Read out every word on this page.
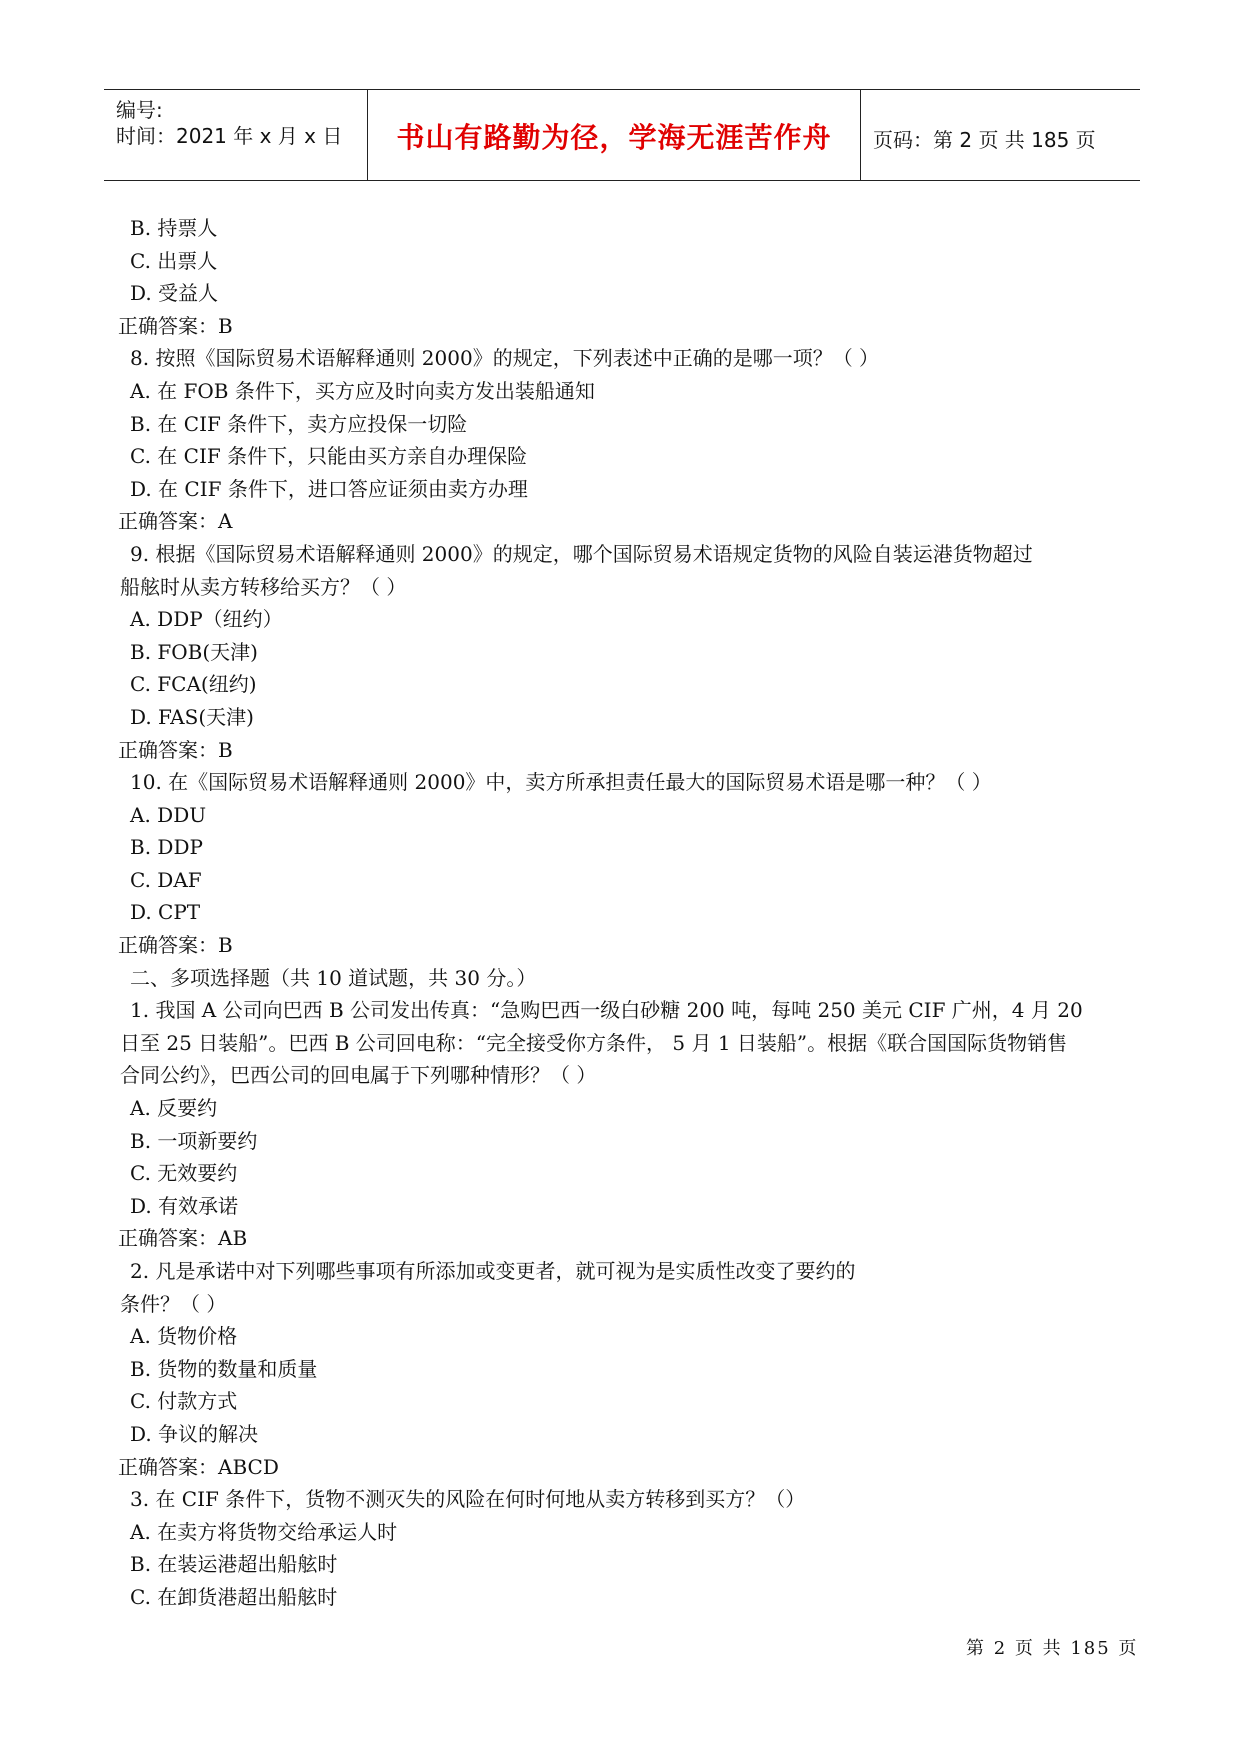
编号:
时间：2021 年 x 月 x 日	书山有路勤为径，学海无涯苦作舟	页码：第 2 页 共 185 页
B. 持票人
C. 出票人
D. 受益人
正确答案：B
8. 按照《国际贸易术语解释通则 2000》的规定，下列表述中正确的是哪一项？（ ）
A. 在 FOB 条件下，买方应及时向卖方发出装船通知
B. 在 CIF 条件下，卖方应投保一切险
C. 在 CIF 条件下，只能由买方亲自办理保险
D. 在 CIF 条件下，进口答应证须由卖方办理
正确答案：A
9. 根据《国际贸易术语解释通则 2000》的规定，哪个国际贸易术语规定货物的风险自装运港货物超过
船舷时从卖方转移给买方？（ ）
A. DDP（纽约）
B. FOB(天津)
C. FCA(纽约)
D. FAS(天津)
正确答案：B
10. 在《国际贸易术语解释通则 2000》中，卖方所承担责任最大的国际贸易术语是哪一种？（ ）
A. DDU
B. DDP
C. DAF
D. CPT
正确答案：B
二、多项选择题（共 10 道试题，共 30 分。）
1. 我国 A 公司向巴西 B 公司发出传真：“急购巴西一级白砂糖 200 吨，每吨 250 美元 CIF 广州，4 月 20
日至 25 日装船”。巴西 B 公司回电称：“完全接受你方条件， 5 月 1 日装船”。根据《联合国国际货物销售
合同公约》，巴西公司的回电属于下列哪种情形？（ ）
A. 反要约
B. 一项新要约
C. 无效要约
D. 有效承诺
正确答案：AB
2. 凡是承诺中对下列哪些事项有所添加或变更者，就可视为是实质性改变了要约的
条件？（ ）
A. 货物价格
B. 货物的数量和质量
C. 付款方式
D. 争议的解决
正确答案：ABCD
3. 在 CIF 条件下，货物不测灭失的风险在何时何地从卖方转移到买方？（）
A. 在卖方将货物交给承运人时
B. 在装运港超出船舷时
C. 在卸货港超出船舷时
第 2 页 共 185 页
